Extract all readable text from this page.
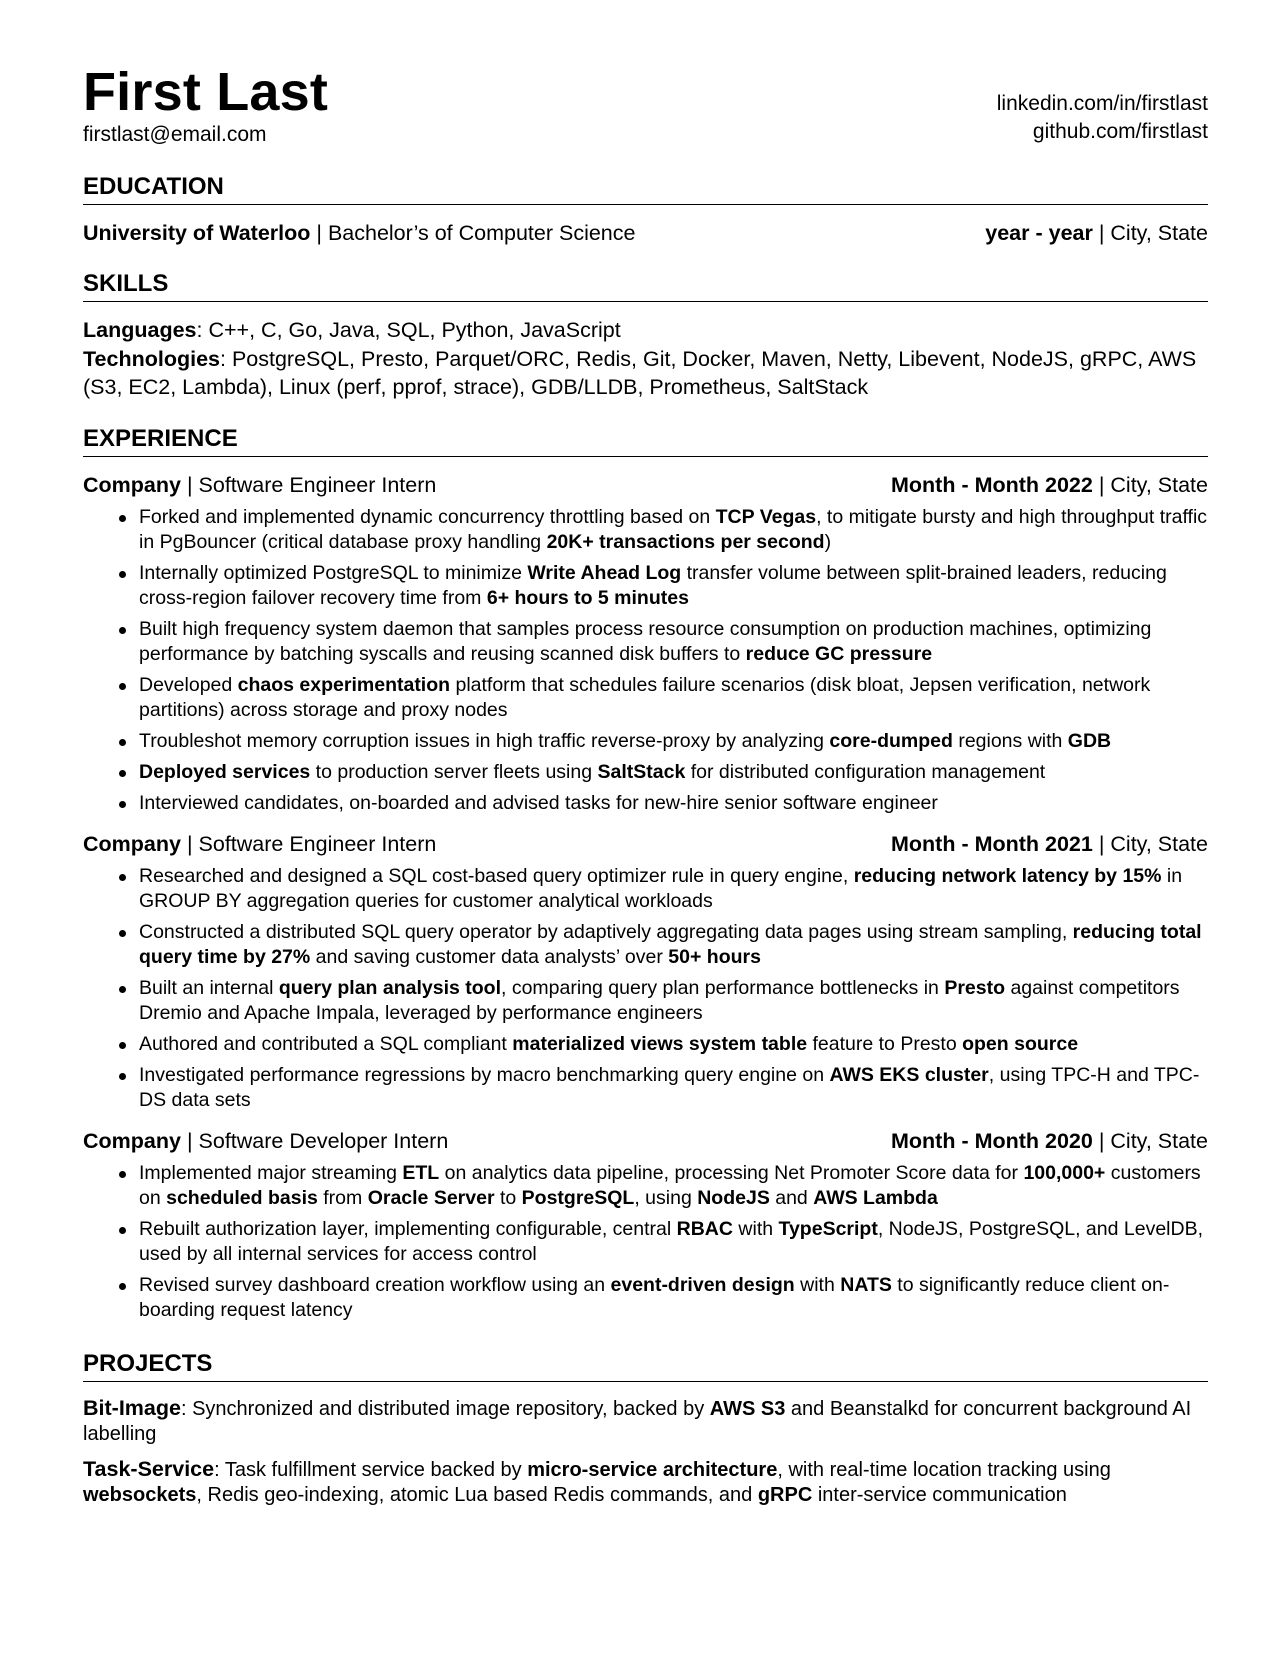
First Last
firstlast@email.com
linkedin.com/in/firstlast
github.com/firstlast
EDUCATION
University of Waterloo | Bachelor’s of Computer Science	year - year | City, State
SKILLS
Languages: C++, C, Go, Java, SQL, Python, JavaScript
Technologies: PostgreSQL, Presto, Parquet/ORC, Redis, Git, Docker, Maven, Netty, Libevent, NodeJS, gRPC, AWS (S3, EC2, Lambda), Linux (perf, pprof, strace), GDB/LLDB, Prometheus, SaltStack
EXPERIENCE
Company | Software Engineer Intern	Month - Month 2022 | City, State
Forked and implemented dynamic concurrency throttling based on TCP Vegas, to mitigate bursty and high throughput traffic in PgBouncer (critical database proxy handling 20K+ transactions per second)
Internally optimized PostgreSQL to minimize Write Ahead Log transfer volume between split-brained leaders, reducing cross-region failover recovery time from 6+ hours to 5 minutes
Built high frequency system daemon that samples process resource consumption on production machines, optimizing performance by batching syscalls and reusing scanned disk buffers to reduce GC pressure
Developed chaos experimentation platform that schedules failure scenarios (disk bloat, Jepsen verification, network partitions) across storage and proxy nodes
Troubleshot memory corruption issues in high traffic reverse-proxy by analyzing core-dumped regions with GDB
Deployed services to production server fleets using SaltStack for distributed configuration management
Interviewed candidates, on-boarded and advised tasks for new-hire senior software engineer
Company | Software Engineer Intern	Month - Month 2021 | City, State
Researched and designed a SQL cost-based query optimizer rule in query engine, reducing network latency by 15% in GROUP BY aggregation queries for customer analytical workloads
Constructed a distributed SQL query operator by adaptively aggregating data pages using stream sampling, reducing total query time by 27% and saving customer data analysts’ over 50+ hours
Built an internal query plan analysis tool, comparing query plan performance bottlenecks in Presto against competitors Dremio and Apache Impala, leveraged by performance engineers
Authored and contributed a SQL compliant materialized views system table feature to Presto open source
Investigated performance regressions by macro benchmarking query engine on AWS EKS cluster, using TPC-H and TPC-DS data sets
Company | Software Developer Intern	Month - Month 2020 | City, State
Implemented major streaming ETL on analytics data pipeline, processing Net Promoter Score data for 100,000+ customers on scheduled basis from Oracle Server to PostgreSQL, using NodeJS and AWS Lambda
Rebuilt authorization layer, implementing configurable, central RBAC with TypeScript, NodeJS, PostgreSQL, and LevelDB, used by all internal services for access control
Revised survey dashboard creation workflow using an event-driven design with NATS to significantly reduce client on-boarding request latency
PROJECTS
Bit-Image: Synchronized and distributed image repository, backed by AWS S3 and Beanstalkd for concurrent background AI labelling
Task-Service: Task fulfillment service backed by micro-service architecture, with real-time location tracking using websockets, Redis geo-indexing, atomic Lua based Redis commands, and gRPC inter-service communication
